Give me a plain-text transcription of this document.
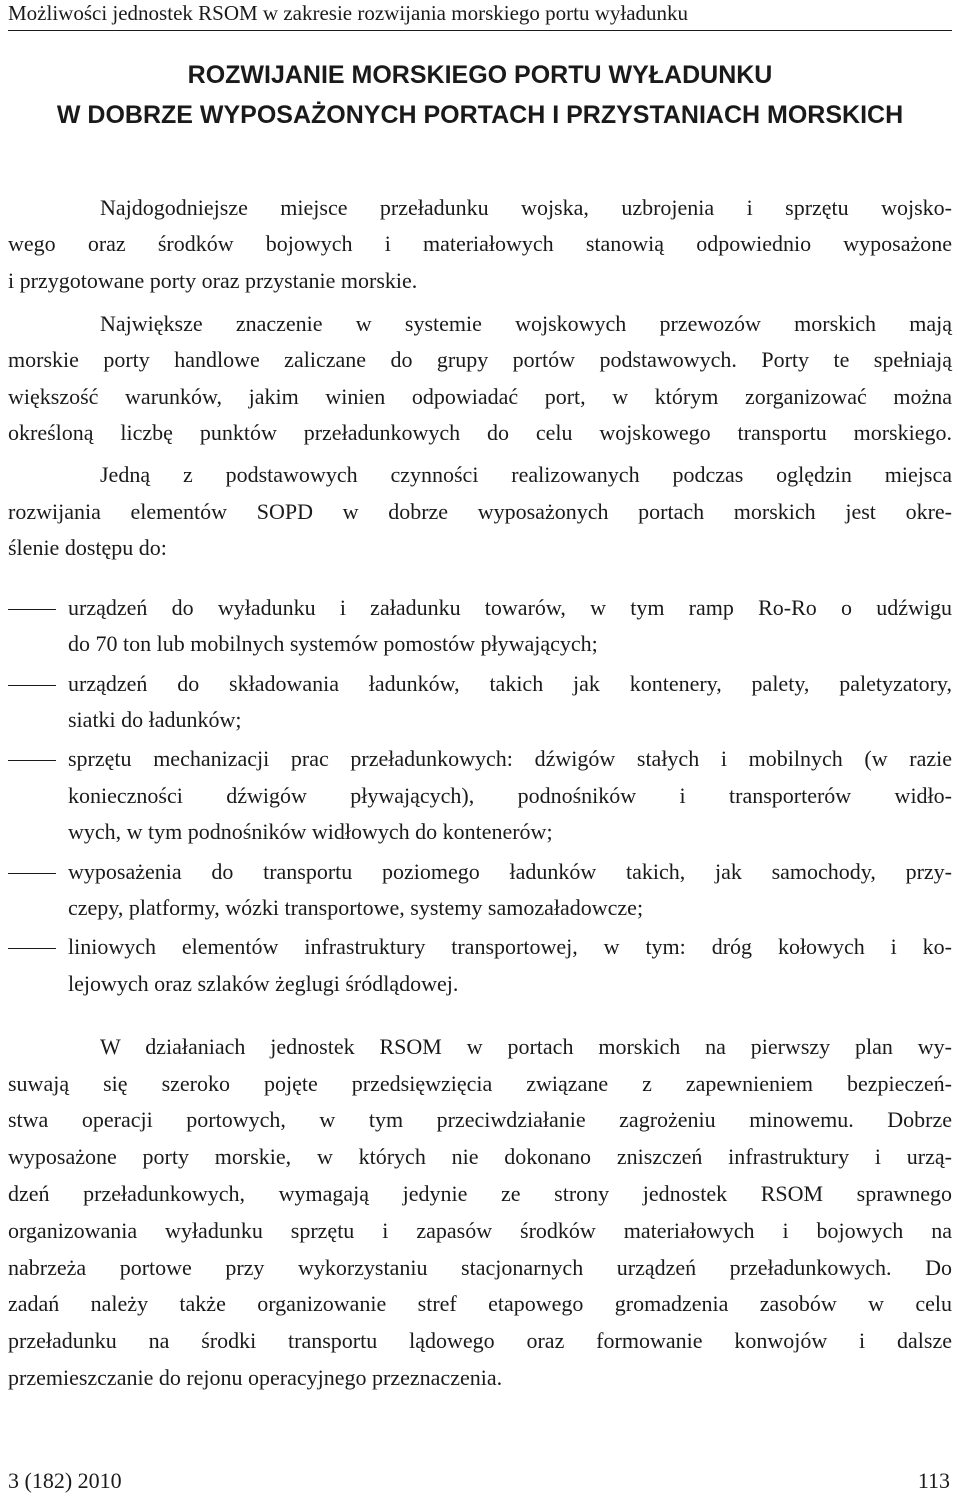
Możliwości jednostek RSOM w zakresie rozwijania morskiego portu wyładunku
ROZWIJANIE MORSKIEGO PORTU WYŁADUNKU
W DOBRZE WYPOSAŻONYCH PORTACH I PRZYSTANIACH MORSKICH
Najdogodniejsze miejsce przeładunku wojska, uzbrojenia i sprzętu wojsko-
wego oraz środków bojowych i materiałowych stanowią odpowiednio wyposażone
i przygotowane porty oraz przystanie morskie.
Największe znaczenie w systemie wojskowych przewozów morskich mają
morskie porty handlowe zaliczane do grupy portów podstawowych. Porty te spełniają
większość warunków, jakim winien odpowiadać port, w którym zorganizować można
określoną liczbę punktów przeładunkowych do celu wojskowego transportu morskiego.
Jedną z podstawowych czynności realizowanych podczas oględzin miejsca
rozwijania elementów SOPD w dobrze wyposażonych portach morskich jest okre-
ślenie dostępu do:
urządzeń do wyładunku i załadunku towarów, w tym ramp Ro-Ro o udźwigu
do 70 ton lub mobilnych systemów pomostów pływających;
urządzeń do składowania ładunków, takich jak kontenery, palety, paletyzatory,
siatki do ładunków;
sprzętu mechanizacji prac przeładunkowych: dźwigów stałych i mobilnych (w razie
konieczności dźwigów pływających), podnośników i transporterów widło-
wych, w tym podnośników widłowych do kontenerów;
wyposażenia do transportu poziomego ładunków takich, jak samochody, przy-
czepy, platformy, wózki transportowe, systemy samozaładowcze;
liniowych elementów infrastruktury transportowej, w tym: dróg kołowych i ko-
lejowych oraz szlaków żeglugi śródlądowej.
W działaniach jednostek RSOM w portach morskich na pierwszy plan wy-
suwają się szeroko pojęte przedsięwzięcia związane z zapewnieniem bezpieczeń-
stwa operacji portowych, w tym przeciwdziałanie zagrożeniu minowemu. Dobrze
wyposażone porty morskie, w których nie dokonano zniszczeń infrastruktury i urzą-
dzeń przeładunkowych, wymagają jedynie ze strony jednostek RSOM sprawnego
organizowania wyładunku sprzętu i zapasów środków materiałowych i bojowych na
nabrzeża portowe przy wykorzystaniu stacjonarnych urządzeń przeładunkowych. Do
zadań należy także organizowanie stref etapowego gromadzenia zasobów w celu
przeładunku na środki transportu lądowego oraz formowanie konwojów i dalsze
przemieszczanie do rejonu operacyjnego przeznaczenia.
3 (182) 2010	113
